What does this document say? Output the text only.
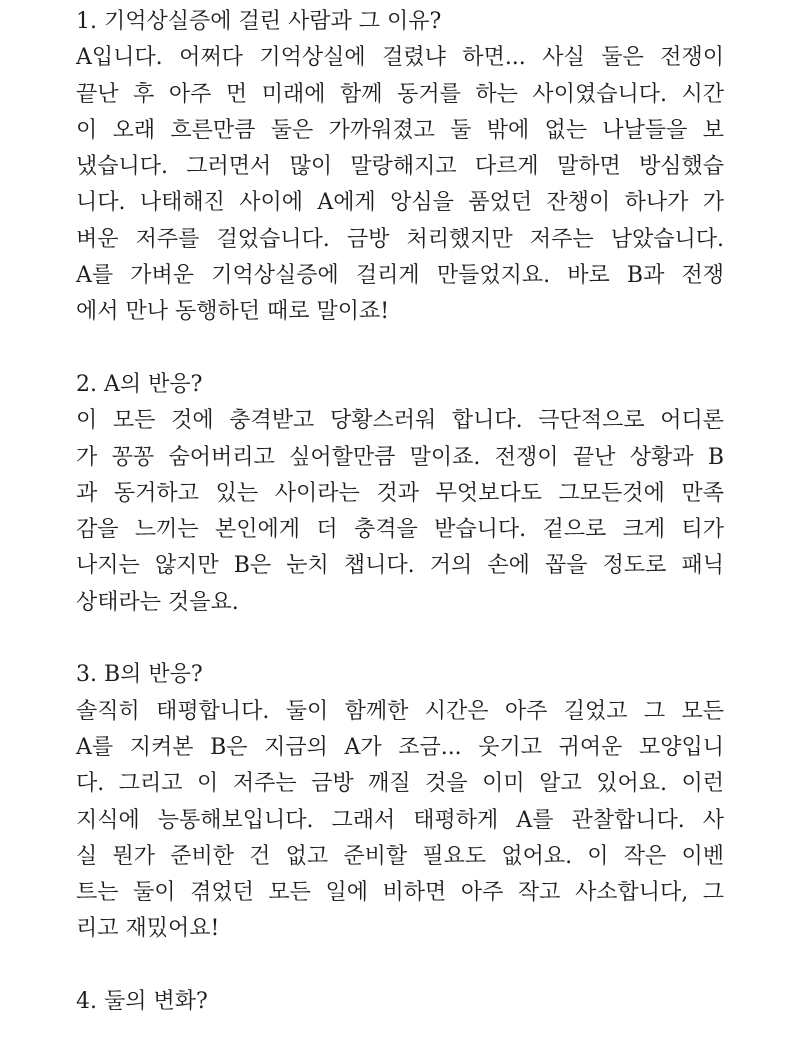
1. 기억상실증에 걸린 사람과 그 이유?
A입니다. 어쩌다 기억상실에 걸렸냐 하면... 사실 둘은 전쟁이
끝난 후 아주 먼 미래에 함께 동거를 하는 사이였습니다. 시간
이 오래 흐른만큼 둘은 가까워졌고 둘 밖에 없는 나날들을 보
냈습니다. 그러면서 많이 말랑해지고 다르게 말하면 방심했습
니다. 나태해진 사이에 A에게 앙심을 품었던 잔챙이 하나가 가
벼운 저주를 걸었습니다. 금방 처리했지만 저주는 남았습니다.
A를 가벼운 기억상실증에 걸리게 만들었지요. 바로 B과 전쟁
에서 만나 동행하던 때로 말이죠!
2. A의 반응?
이 모든 것에 충격받고 당황스러워 합니다. 극단적으로 어디론
가 꽁꽁 숨어버리고 싶어할만큼 말이죠. 전쟁이 끝난 상황과 B
과 동거하고 있는 사이라는 것과 무엇보다도 그모든것에 만족
감을 느끼는 본인에게 더 충격을 받습니다. 겉으로 크게 티가
나지는 않지만 B은 눈치 챕니다. 거의 손에 꼽을 정도로 패닉
상태라는 것을요.
3. B의 반응?
솔직히 태평합니다. 둘이 함께한 시간은 아주 길었고 그 모든
A를 지켜본 B은 지금의 A가 조금... 웃기고 귀여운 모양입니
다. 그리고 이 저주는 금방 깨질 것을 이미 알고 있어요. 이런
지식에 능통해보입니다. 그래서 태평하게 A를 관찰합니다. 사
실 뭔가 준비한 건 없고 준비할 필요도 없어요. 이 작은 이벤
트는 둘이 겪었던 모든 일에 비하면 아주 작고 사소합니다, 그
리고 재밌어요!
4. 둘의 변화?
